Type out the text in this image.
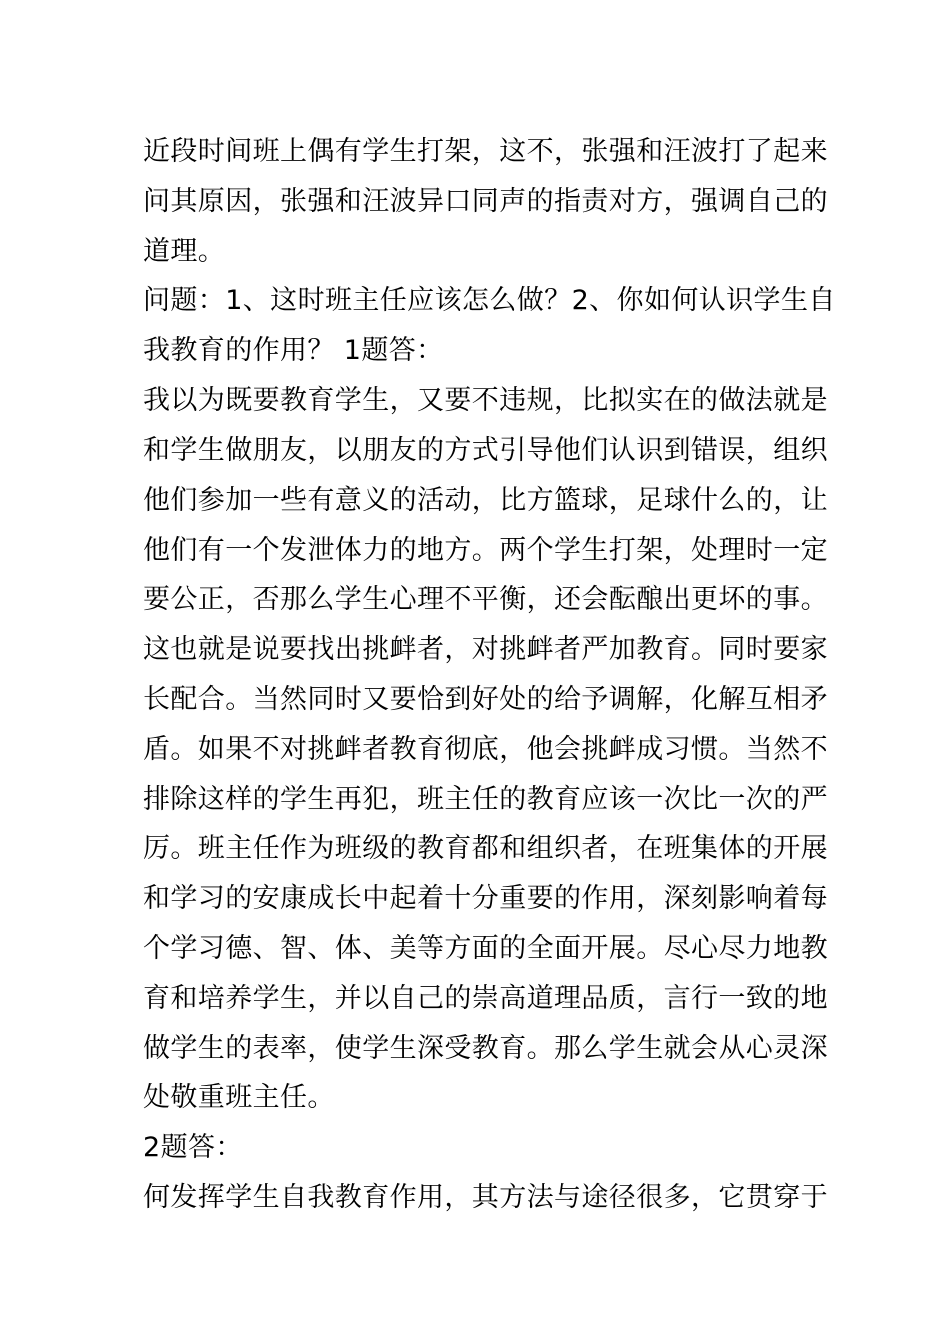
近段时间班上偶有学生打架，这不，张强和汪波打了起来
问其原因，张强和汪波异口同声的指责对方，强调自己的
道理。
问题：1、这时班主任应该怎么做？2、你如何认识学生自
我教育的作用？ 1题答：
我以为既要教育学生，又要不违规，比拟实在的做法就是
和学生做朋友，以朋友的方式引导他们认识到错误，组织
他们参加一些有意义的活动，比方篮球，足球什么的，让
他们有一个发泄体力的地方。两个学生打架，处理时一定
要公正，否那么学生心理不平衡，还会酝酿出更坏的事。
这也就是说要找出挑衅者，对挑衅者严加教育。同时要家
长配合。当然同时又要恰到好处的给予调解，化解互相矛
盾。如果不对挑衅者教育彻底，他会挑衅成习惯。当然不
排除这样的学生再犯，班主任的教育应该一次比一次的严
厉。班主任作为班级的教育都和组织者，在班集体的开展
和学习的安康成长中起着十分重要的作用，深刻影响着每
个学习德、智、体、美等方面的全面开展。尽心尽力地教
育和培养学生，并以自己的崇高道理品质，言行一致的地
做学生的表率，使学生深受教育。那么学生就会从心灵深
处敬重班主任。
2题答：
何发挥学生自我教育作用，其方法与途径很多，它贯穿于
